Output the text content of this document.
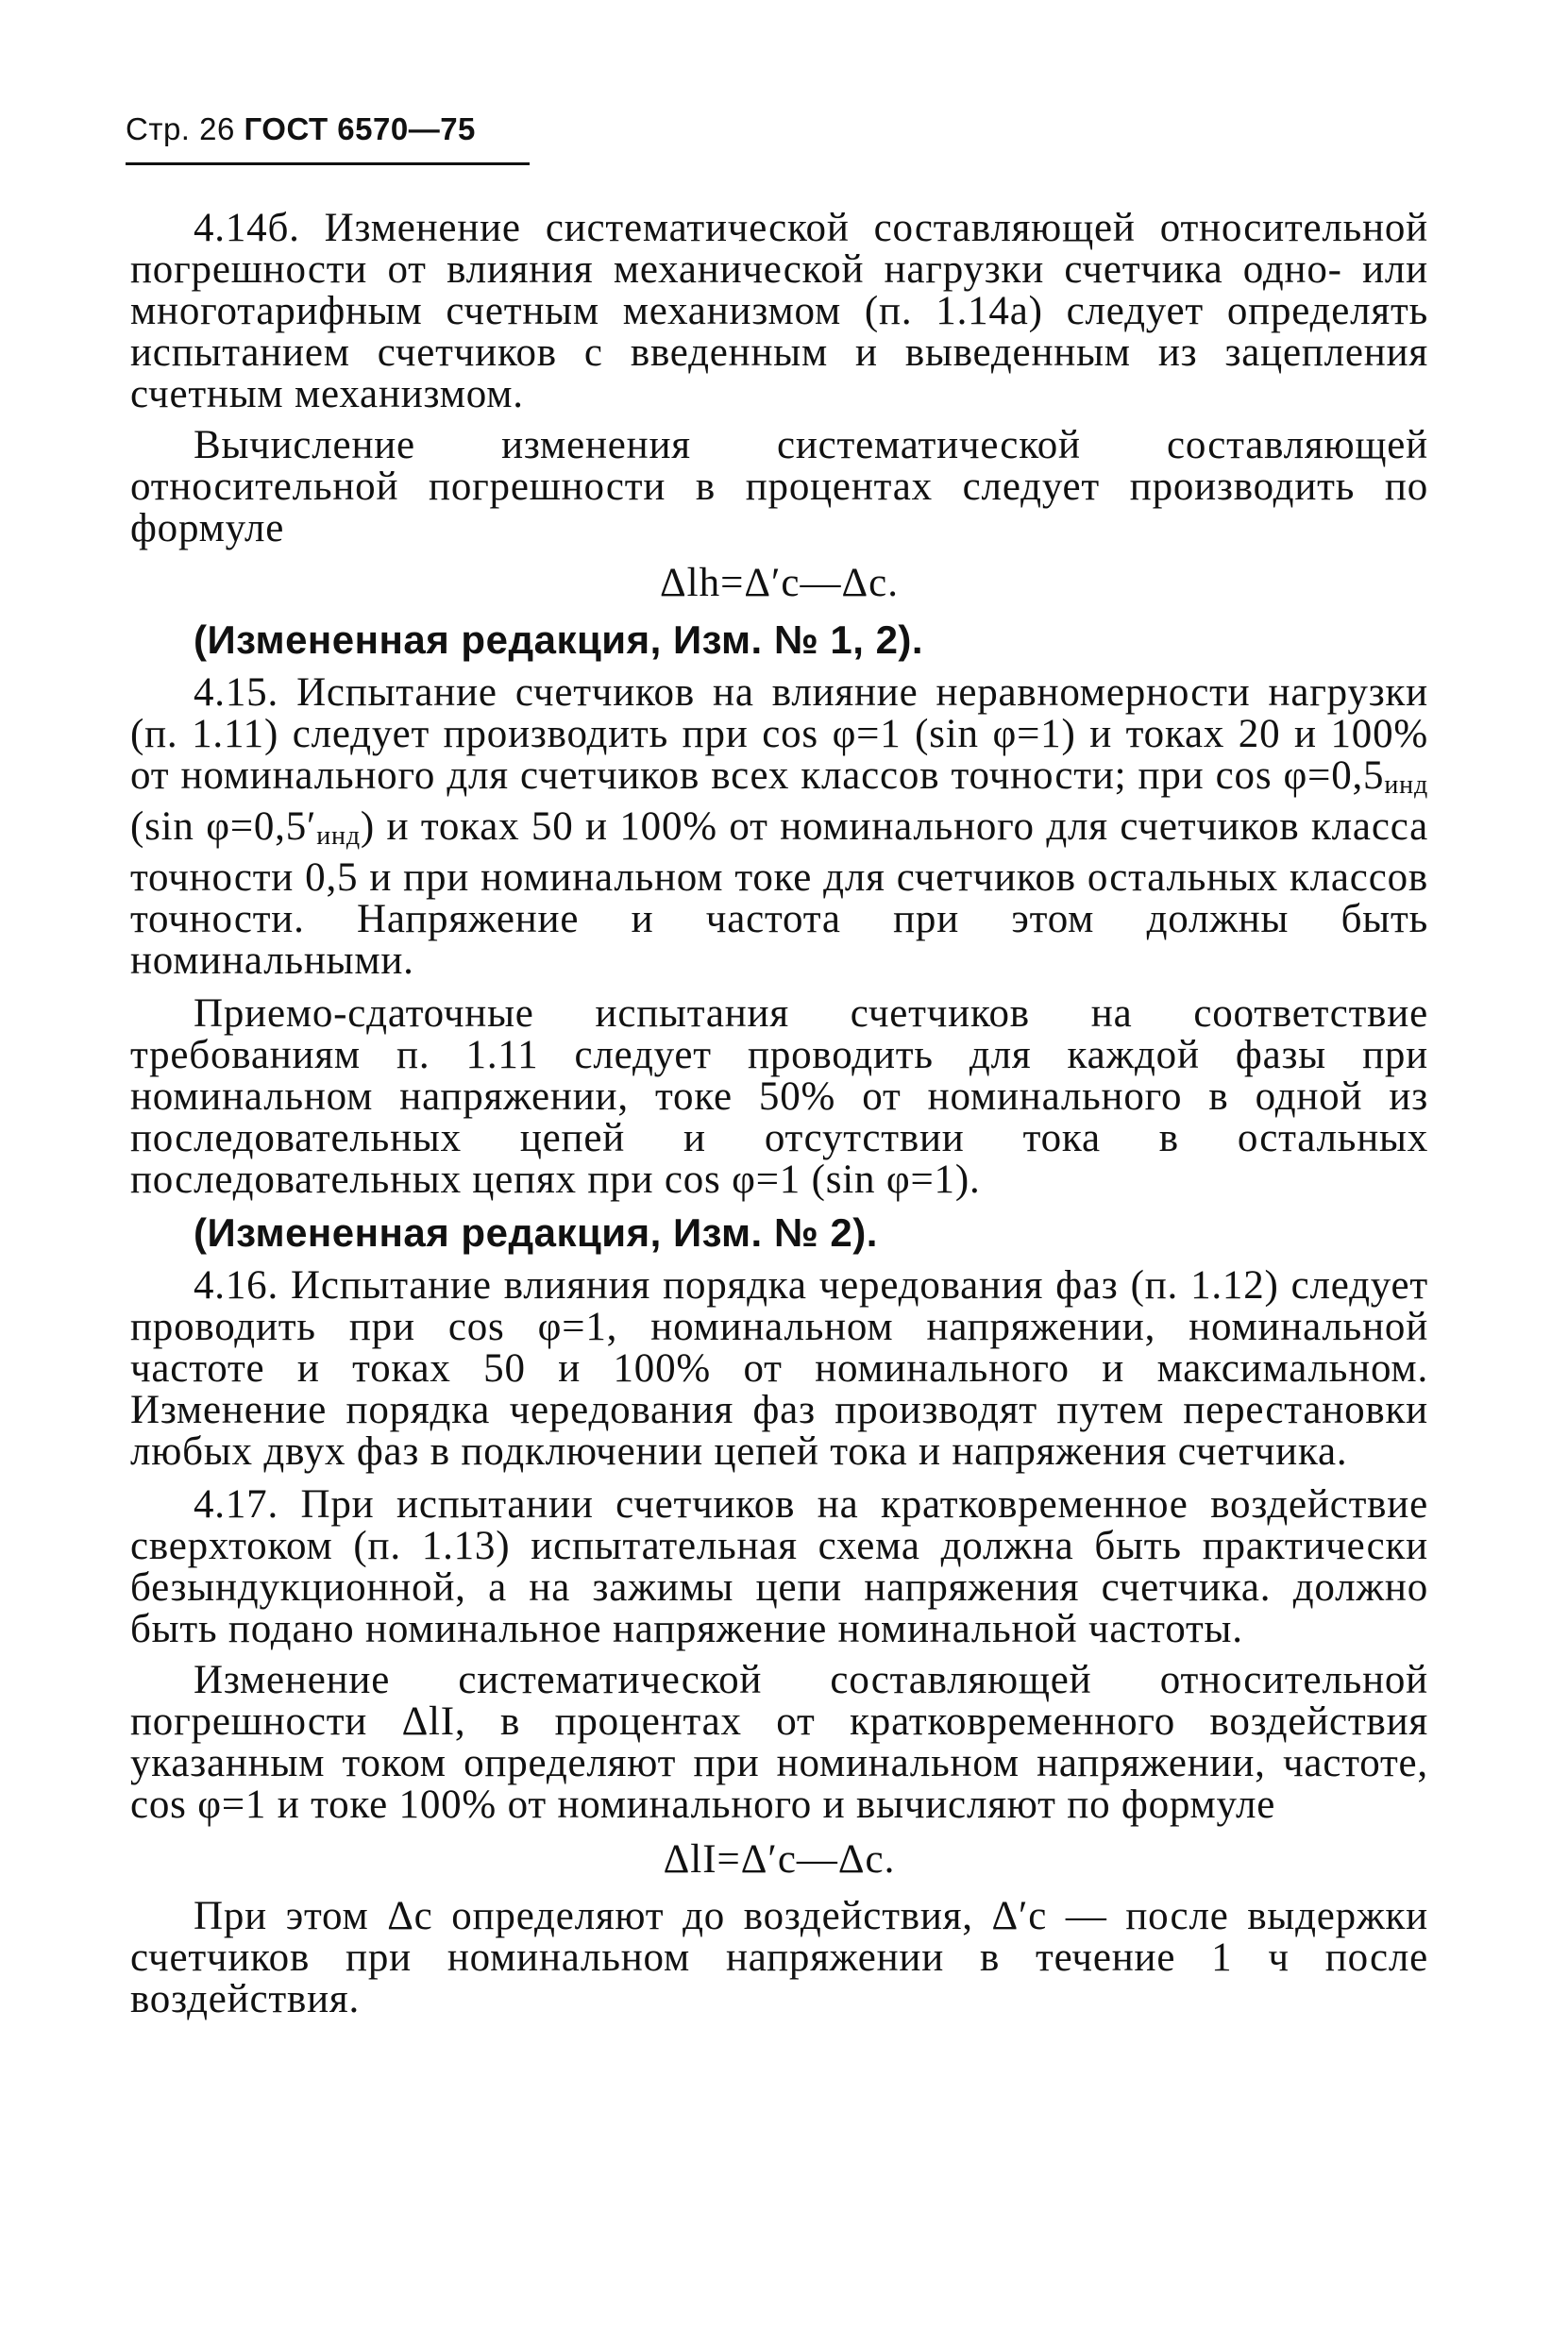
Стр. 26 ГОСТ 6570—75

4.14б. Изменение систематической составляющей относительной погрешности от влияния механической нагрузки счетчика одно- или многотарифным счетным механизмом (п. 1.14а) следует определять испытанием счетчиков с введенным и выведенным из зацепления счетным механизмом.

Вычисление изменения систематической составляющей относительной погрешности в процентах следует производить по формуле

Δlh=Δ′c—Δc.

(Измененная редакция, Изм. № 1, 2).

4.15. Испытание счетчиков на влияние неравномерности нагрузки (п. 1.11) следует производить при cos φ=1 (sin φ=1) и токах 20 и 100% от номинального для счетчиков всех классов точности; при cos φ=0,5инд (sin φ=0,5′инд) и токах 50 и 100% от номинального для счетчиков класса точности 0,5 и при номинальном токе для счетчиков остальных классов точности. Напряжение и частота при этом должны быть номинальными.

Приемо-сдаточные испытания счетчиков на соответствие требованиям п. 1.11 следует проводить для каждой фазы при номинальном напряжении, токе 50% от номинального в одной из последовательных цепей и отсутствии тока в остальных последовательных цепях при cos φ=1 (sin φ=1).

(Измененная редакция, Изм. № 2).

4.16. Испытание влияния порядка чередования фаз (п. 1.12) следует проводить при cos φ=1, номинальном напряжении, номинальной частоте и токах 50 и 100% от номинального и максимальном. Изменение порядка чередования фаз производят путем перестановки любых двух фаз в подключении цепей тока и напряжения счетчика.

4.17. При испытании счетчиков на кратковременное воздействие сверхтоком (п. 1.13) испытательная схема должна быть практически безындукционной, а на зажимы цепи напряжения счетчика. должно быть подано номинальное напряжение номинальной частоты.

Изменение систематической составляющей относительной погрешности ΔlI, в процентах от кратковременного воздействия указанным током определяют при номинальном напряжении, частоте, cos φ=1 и токе 100% от номинального и вычисляют по формуле

ΔlI=Δ′c—Δc.

При этом Δc определяют до воздействия, Δ′c — после выдержки счетчиков при номинальном напряжении в течение 1 ч после воздействия.
